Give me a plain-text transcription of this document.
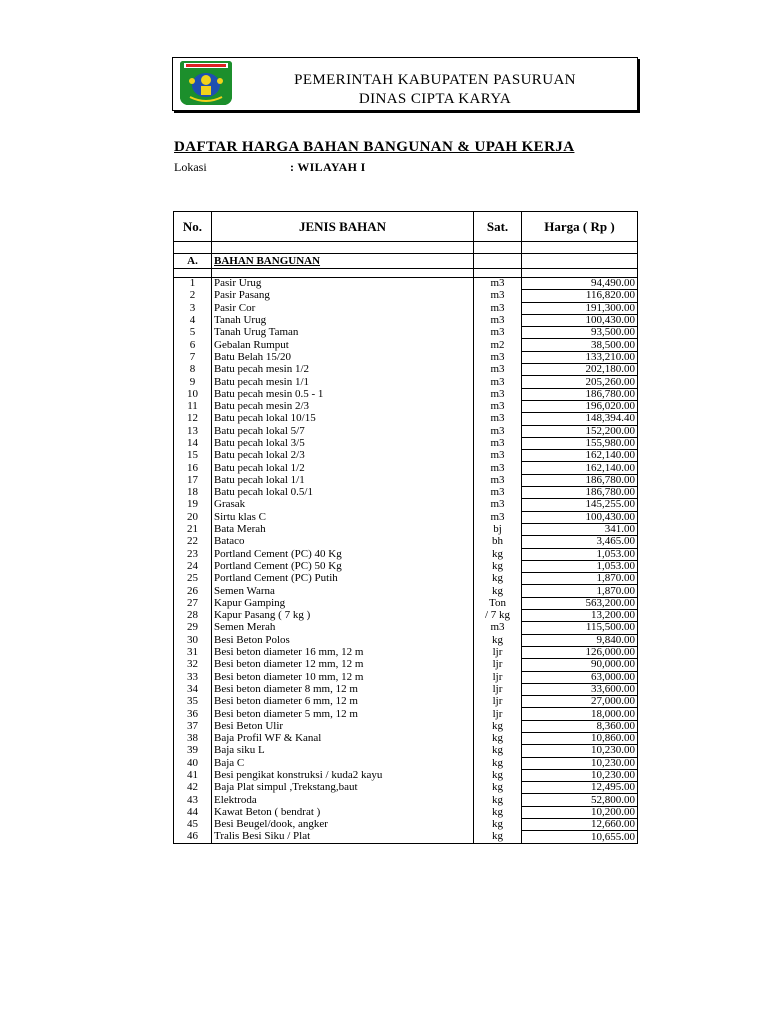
PEMERINTAH KABUPATEN PASURUAN
DINAS CIPTA KARYA
DAFTAR HARGA BAHAN BANGUNAN & UPAH KERJA
Lokasi	: WILAYAH I
No.	JENIS BAHAN	Sat.	Harga ( Rp )

A.	BAHAN BANGUNAN		

1	Pasir Urug	m3	94,490.00
2	Pasir Pasang	m3	116,820.00
3	Pasir Cor	m3	191,300.00
4	Tanah Urug	m3	100,430.00
5	Tanah Urug Taman	m3	93,500.00
6	Gebalan Rumput	m2	38,500.00
7	Batu Belah 15/20	m3	133,210.00
8	Batu pecah mesin 1/2	m3	202,180.00
9	Batu pecah mesin 1/1	m3	205,260.00
10	Batu pecah mesin 0.5 - 1	m3	186,780.00
11	Batu pecah mesin 2/3	m3	196,020.00
12	Batu pecah lokal 10/15	m3	148,394.40
13	Batu pecah lokal 5/7	m3	152,200.00
14	Batu pecah lokal 3/5	m3	155,980.00
15	Batu pecah lokal 2/3	m3	162,140.00
16	Batu pecah lokal 1/2	m3	162,140.00
17	Batu pecah lokal 1/1	m3	186,780.00
18	Batu pecah lokal 0.5/1	m3	186,780.00
19	Grasak	m3	145,255.00
20	Sirtu klas C	m3	100,430.00
21	Bata Merah	bj	341.00
22	Bataco	bh	3,465.00
23	Portland Cement (PC) 40 Kg	kg	1,053.00
24	Portland Cement (PC) 50 Kg	kg	1,053.00
25	Portland Cement (PC) Putih	kg	1,870.00
26	Semen Warna	kg	1,870.00
27	Kapur Gamping	Ton	563,200.00
28	Kapur Pasang ( 7 kg )	/ 7 kg	13,200.00
29	Semen Merah	m3	115,500.00
30	Besi Beton Polos	kg	9,840.00
31	Besi beton diameter 16 mm, 12 m	ljr	126,000.00
32	Besi beton diameter 12 mm, 12 m	ljr	90,000.00
33	Besi beton diameter 10 mm, 12 m	ljr	63,000.00
34	Besi beton diameter 8 mm, 12 m	ljr	33,600.00
35	Besi beton diameter 6 mm, 12 m	ljr	27,000.00
36	Besi beton diameter 5 mm, 12 m	ljr	18,000.00
37	Besi Beton Ulir	kg	8,360.00
38	Baja Profil WF & Kanal	kg	10,860.00
39	Baja siku L	kg	10,230.00
40	Baja C	kg	10,230.00
41	Besi pengikat konstruksi / kuda2 kayu	kg	10,230.00
42	Baja Plat simpul ,Trekstang,baut	kg	12,495.00
43	Elektroda	kg	52,800.00
44	Kawat Beton ( bendrat )	kg	10,200.00
45	Besi Beugel/dook, angker	kg	12,660.00
46	Tralis Besi Siku / Plat	kg	10,655.00
